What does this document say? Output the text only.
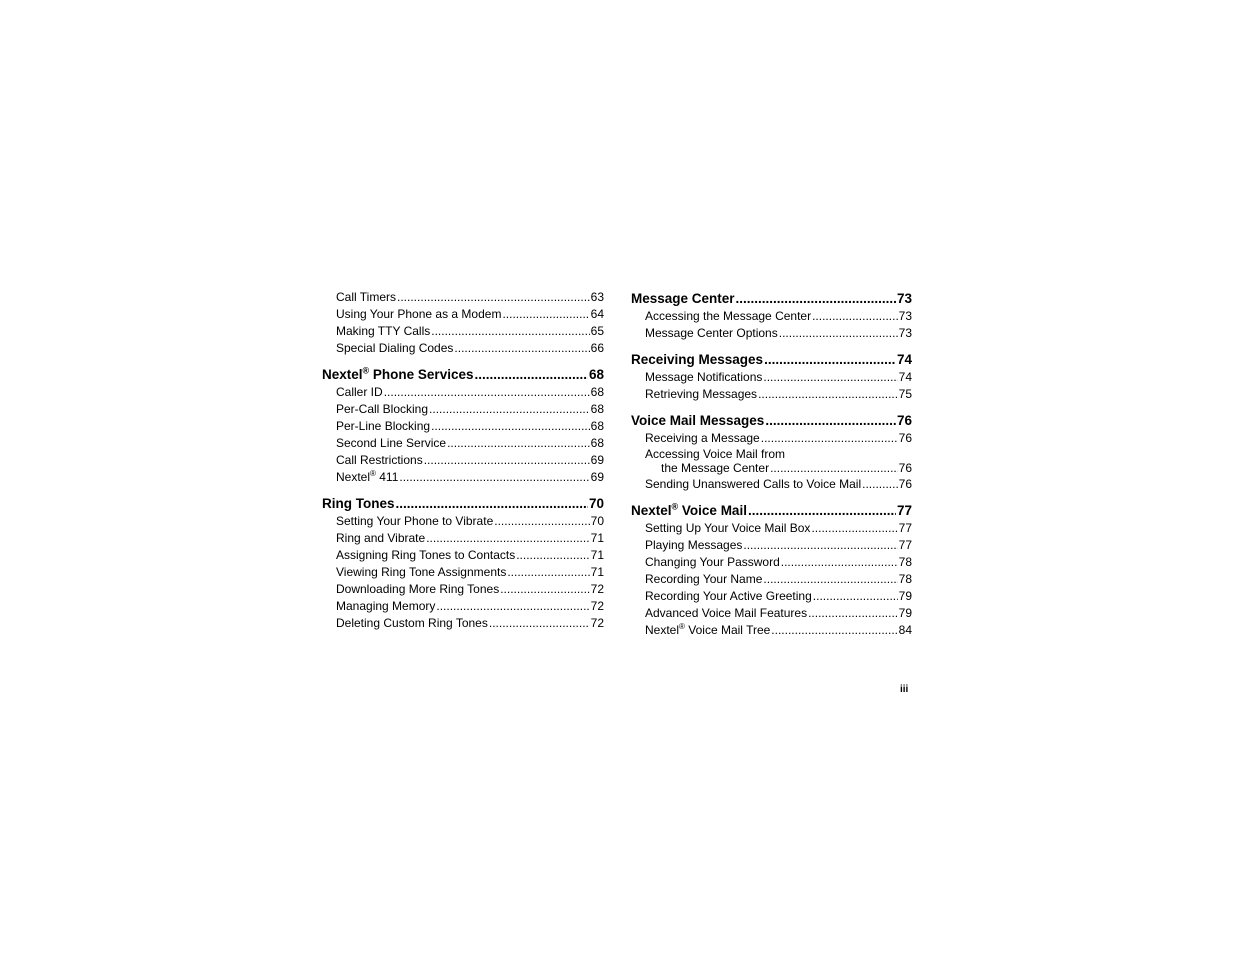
Call Timers .....	63
Using Your Phone as a Modem .....	64
Making TTY Calls .....	65
Special Dialing Codes .....	66
Nextel® Phone Services .....	68
Caller ID .....	68
Per-Call Blocking .....	68
Per-Line Blocking .....	68
Second Line Service .....	68
Call Restrictions .....	69
Nextel® 411 .....	69
Ring Tones .....	70
Setting Your Phone to Vibrate .....	70
Ring and Vibrate .....	71
Assigning Ring Tones to Contacts .....	71
Viewing Ring Tone Assignments .....	71
Downloading More Ring Tones .....	72
Managing Memory .....	72
Deleting Custom Ring Tones .....	72
Message Center .....	73
Accessing the Message Center .....	73
Message Center Options .....	73
Receiving Messages .....	74
Message Notifications .....	74
Retrieving Messages .....	75
Voice Mail Messages .....	76
Receiving a Message .....	76
Accessing Voice Mail from
the Message Center .....	76
Sending Unanswered Calls to Voice Mail .....	76
Nextel® Voice Mail .....	77
Setting Up Your Voice Mail Box .....	77
Playing Messages .....	77
Changing Your Password .....	78
Recording Your Name .....	78
Recording Your Active Greeting .....	79
Advanced Voice Mail Features .....	79
Nextel® Voice Mail Tree .....	84
iii
